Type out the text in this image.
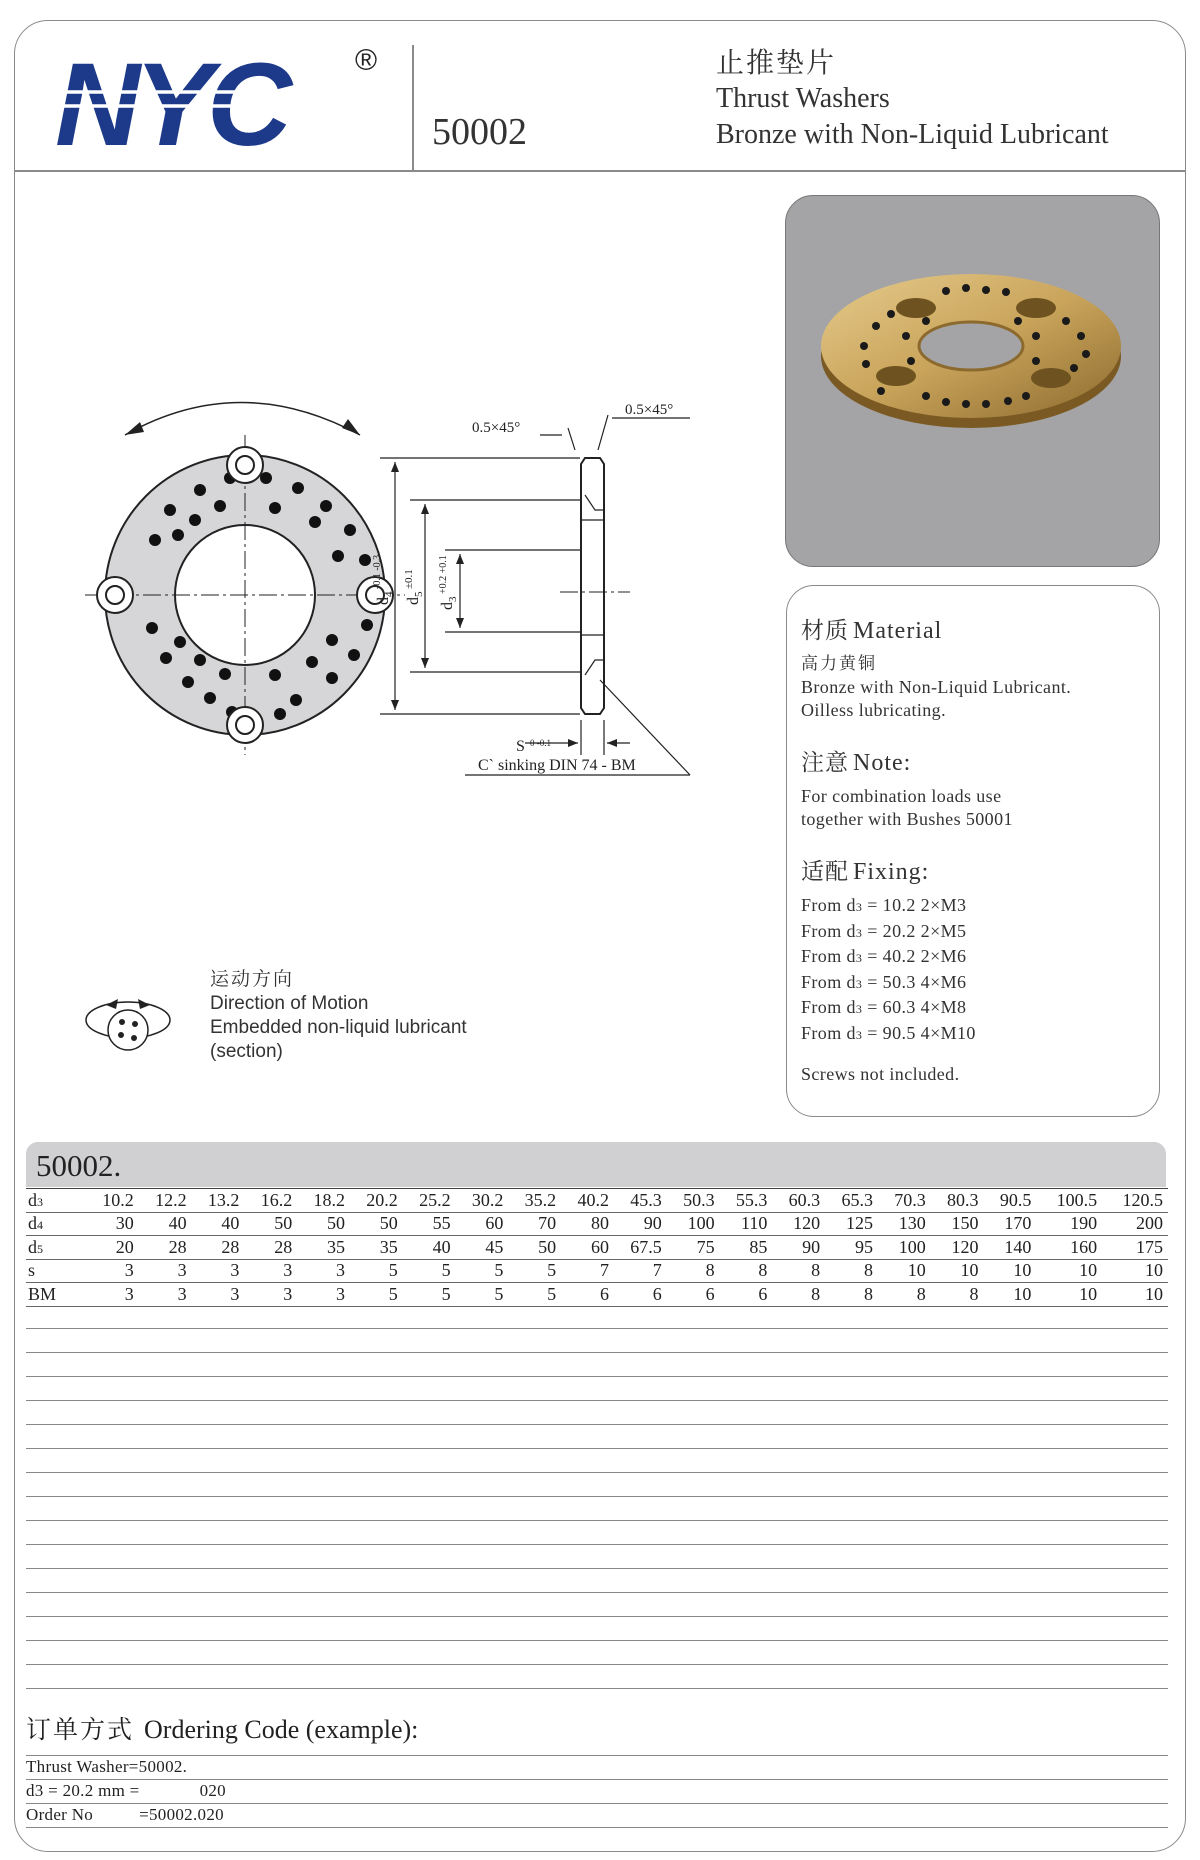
NYC ®
50002
止推垫片
Thrust Washers
Bronze with Non-Liquid Lubricant
0.5×45°
0.5×45°
$d_4$
-0.1 -0.3
$d_5$
±0.1
$d_3$
+0.2 +0.1
S 0 -0.1
C` sinking DIN 74 - BM
运动方向
Direction of Motion
Embedded non-liquid lubricant
(section)
材质 Material

高力黄铜

Bronze with Non-Liquid Lubricant.

Oilless lubricating.

注意 Note:

For combination loads use

together with Bushes 50001

适配 Fixing:
From d3 = 10.2 2×M3
From d3 = 20.2 2×M5
From d3 = 40.2 2×M6
From d3 = 50.3 4×M6
From d3 = 60.3 4×M8
From d3 = 90.5 4×M10

Screws not included.

50002.
d3	10.2	12.2	13.2	16.2	18.2	20.2	25.2	30.2	35.2	40.2	45.3	50.3	55.3	60.3	65.3	70.3	80.3	90.5	100.5	120.5
d4	30	40	40	50	50	50	55	60	70	80	90	100	110	120	125	130	150	170	190	200
d5	20	28	28	28	35	35	40	45	50	60	67.5	75	85	90	95	100	120	140	160	175
s	3	3	3	3	3	5	5	5	5	7	7	8	8	8	8	10	10	10	10	10
BM	3	3	3	3	3	5	5	5	5	6	6	6	6	8	8	8	8	10	10	10
订单方式 Ordering Code (example):
Thrust Washer=50002.
d3 = 20.2 mm =	020
Order No	=50002.020
